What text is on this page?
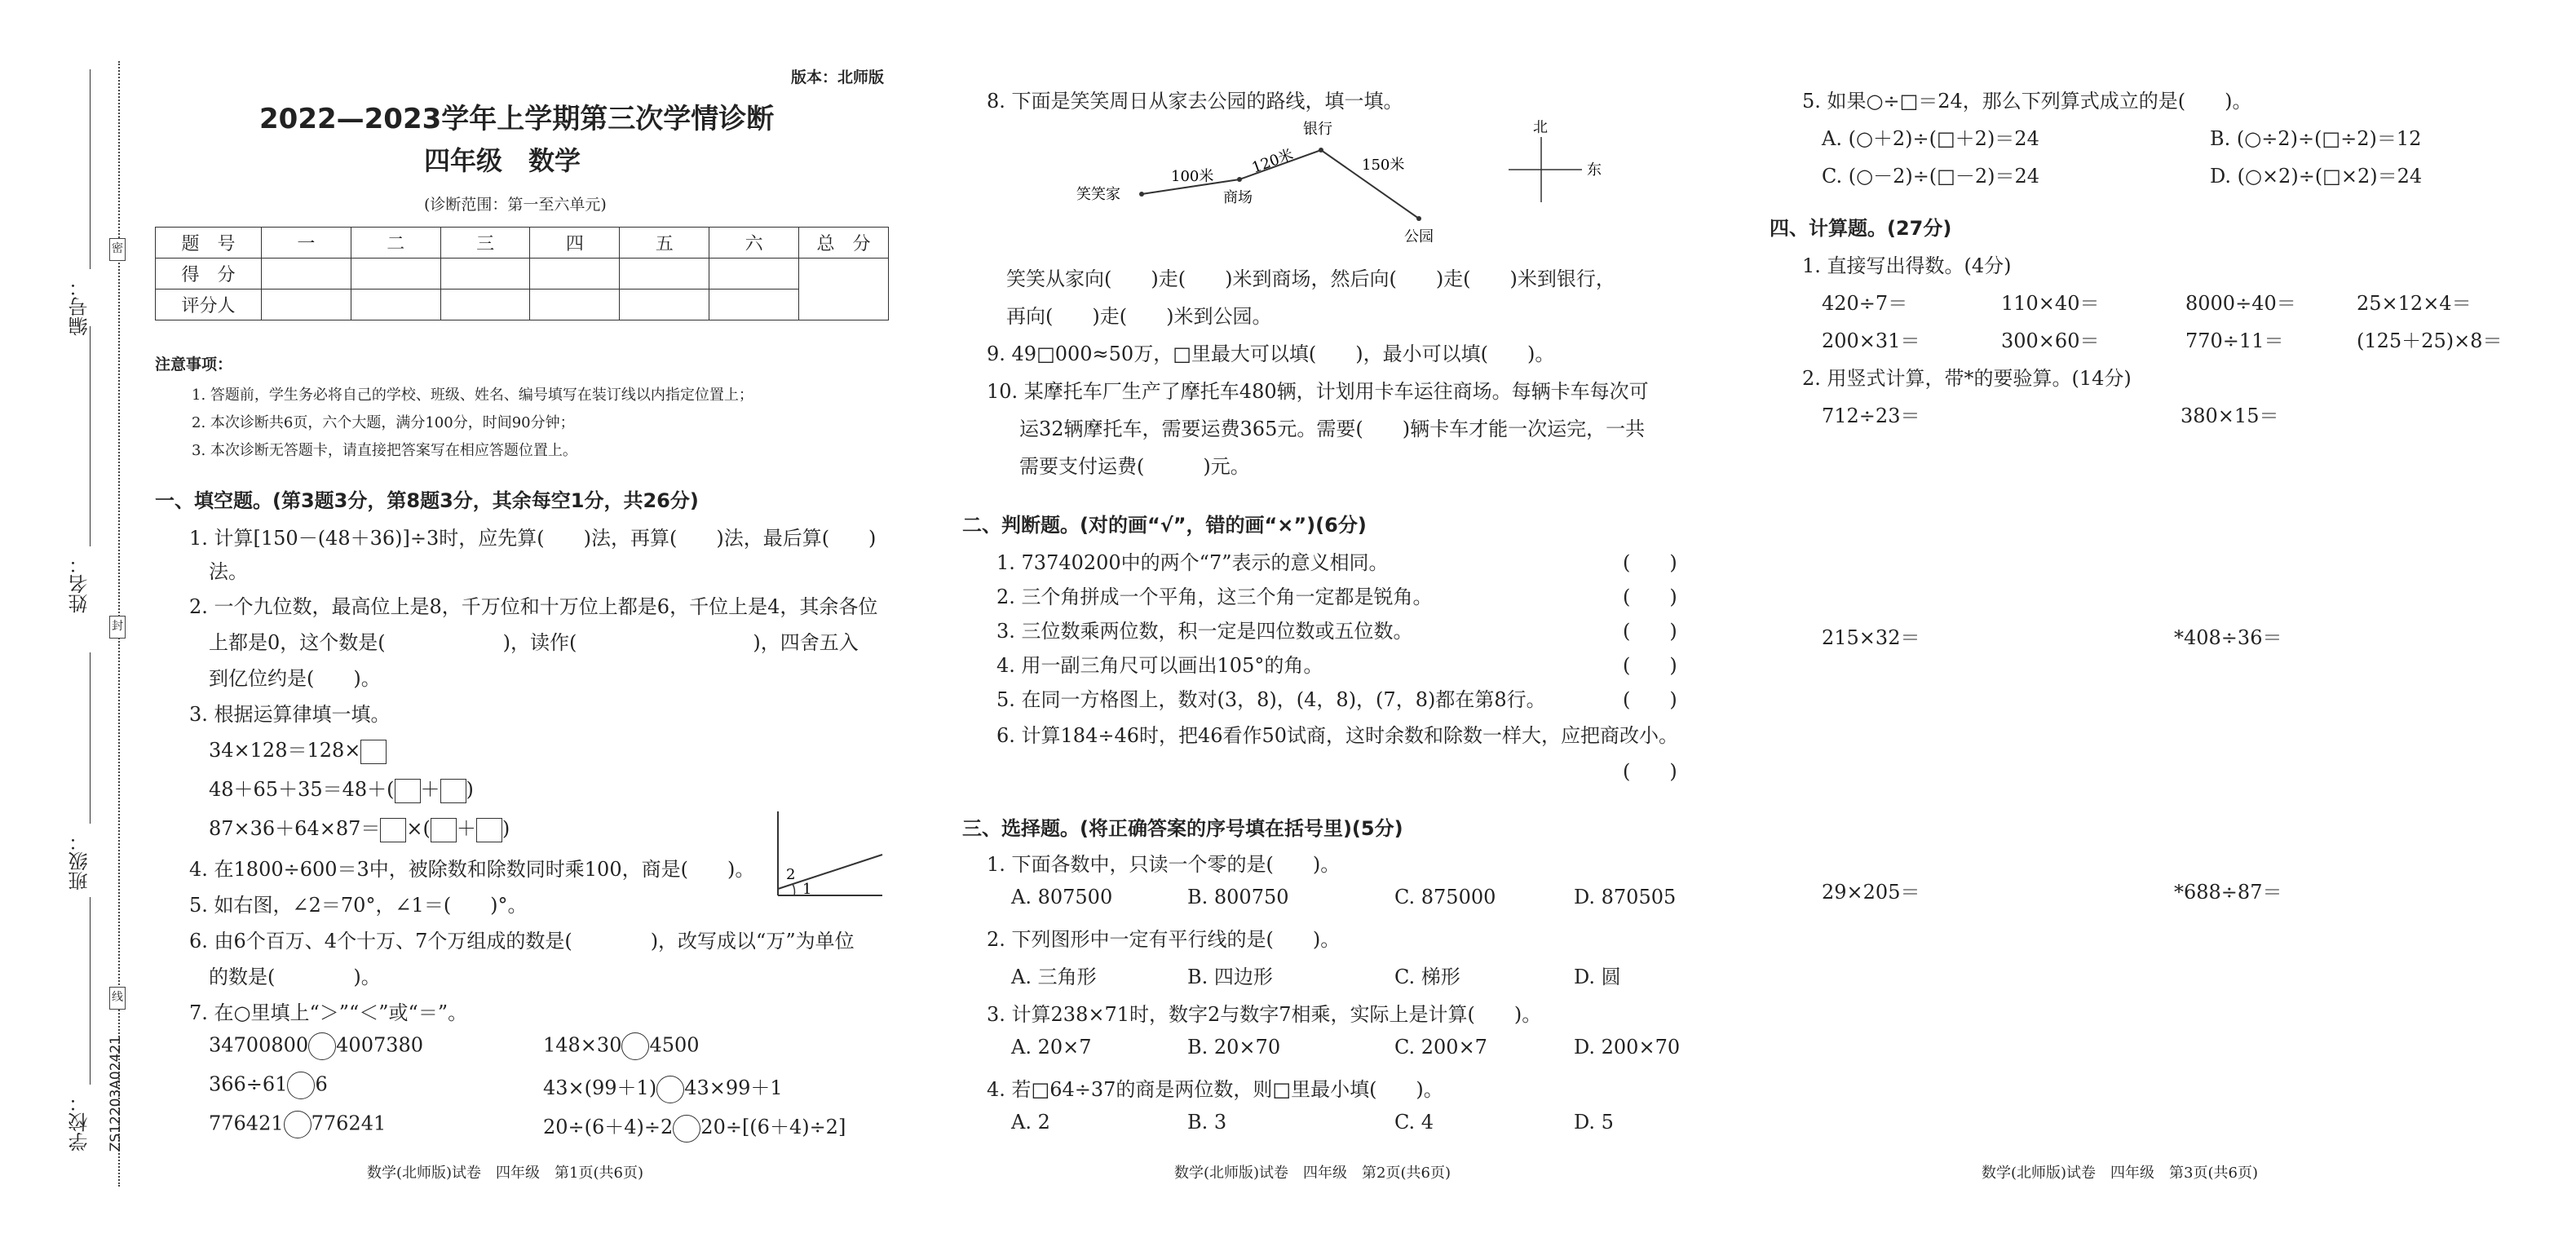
密
封
线
编号：
姓名：
班级：
学校： ZS12203A02421
版本：北师版
2022—2023学年上学期第三次学情诊断
四年级　数学
(诊断范围：第一至六单元)
题　号	一	二	三	四	五	六	总　分
得　分							
评分人							
注意事项：
1. 答题前，学生务必将自己的学校、班级、姓名、编号填写在装订线以内指定位置上；
2. 本次诊断共6页，六个大题，满分100分，时间90分钟；
3. 本次诊断无答题卡，请直接把答案写在相应答题位置上。
一、填空题。(第3题3分，第8题3分，其余每空1分，共26分)
1. 计算[150－(48＋36)]÷3时，应先算(　　)法，再算(　　)法，最后算(　　)
法。
2. 一个九位数，最高位上是8，千万位和十万位上都是6，千位上是4，其余各位
上都是0，这个数是(　　　　　　)，读作(　　　　　　　　　)，四舍五入
到亿位约是(　　)。
3. 根据运算律填一填。
34×128＝128×
48＋65＋35＝48＋( ＋ )
87×36＋64×87＝ ×( ＋ )
4. 在1800÷600＝3中，被除数和除数同时乘100，商是(　　)。
5. 如右图，∠2＝70°，∠1＝(　　)°。
1
2
6. 由6个百万、4个十万、7个万组成的数是(　　　　)，改写成以“万”为单位
的数是(　　　　)。
7. 在○里填上“＞”“＜”或“＝”。
34700800 4007380	148×30 4500
366÷61 6	43×(99＋1) 43×99＋1
776421 776241	20÷(6＋4)÷2 20÷[(6＋4)÷2]
数学(北师版)试卷　四年级　第1页(共6页)
8. 下面是笑笑周日从家去公园的路线，填一填。
笑笑家	商场
银行
公园
100米 120米	150米
北
东
笑笑从家向(　　)走(　　)米到商场，然后向(　　)走(　　)米到银行，
再向(　　)走(　　)米到公园。
9. 49□000≈50万，□里最大可以填(　　)，最小可以填(　　)。
10. 某摩托车厂生产了摩托车480辆，计划用卡车运往商场。每辆卡车每次可
运32辆摩托车，需要运费365元。需要(　　)辆卡车才能一次运完，一共
需要支付运费(　　　)元。
二、判断题。(对的画“√”，错的画“×”)(6分)
1. 73740200中的两个“7”表示的意义相同。	(　　)
2. 三个角拼成一个平角，这三个角一定都是锐角。	(　　)
3. 三位数乘两位数，积一定是四位数或五位数。	(　　)
4. 用一副三角尺可以画出105°的角。	(　　)
5. 在同一方格图上，数对(3，8)，(4，8)，(7，8)都在第8行。	(　　)
6. 计算184÷46时，把46看作50试商，这时余数和除数一样大，应把商改小。
(　　)
三、选择题。(将正确答案的序号填在括号里)(5分)
1. 下面各数中，只读一个零的是(　　)。
A. 807500	B. 800750	C. 875000	D. 870505
2. 下列图形中一定有平行线的是(　　)。
A. 三角形	B. 四边形	C. 梯形	D. 圆
3. 计算238×71时，数字2与数字7相乘，实际上是计算(　　)。
A. 20×7	B. 20×70	C. 200×7	D. 200×70
4. 若□64÷37的商是两位数，则□里最小填(　　)。
A. 2	B. 3	C. 4	D. 5
数学(北师版)试卷　四年级　第2页(共6页)
5. 如果○÷□＝24，那么下列算式成立的是(　　)。
A. (○＋2)÷(□＋2)＝24	B. (○÷2)÷(□÷2)＝12
C. (○－2)÷(□－2)＝24	D. (○×2)÷(□×2)＝24
四、计算题。(27分)
1. 直接写出得数。(4分)
420÷7＝	110×40＝	8000÷40＝	25×12×4＝
200×31＝	300×60＝	770÷11＝	(125＋25)×8＝
2. 用竖式计算，带*的要验算。(14分)
712÷23＝	380×15＝
215×32＝	*408÷36＝
29×205＝	*688÷87＝
数学(北师版)试卷　四年级　第3页(共6页)
